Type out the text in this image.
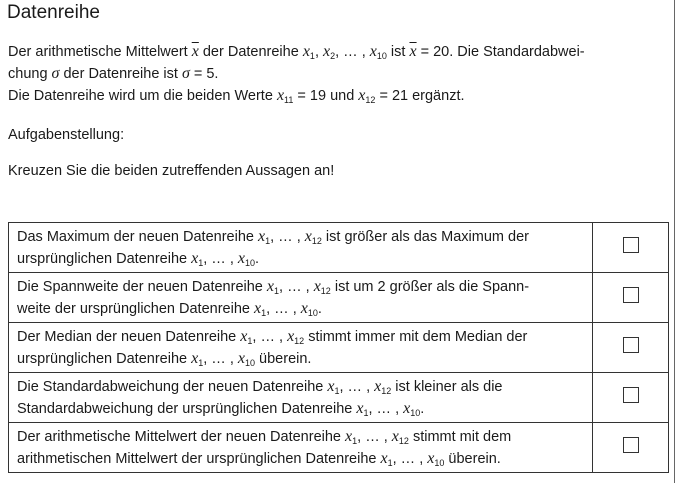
Datenreihe
Der arithmetische Mittelwert $\overline{x}$ der Datenreihe $x_1$, $x_2$, … , $x_{10}$ ist $\overline{x} = 20$. Die Standardabwei-
chung σ der Datenreihe ist σ = 5.
Die Datenreihe wird um die beiden Werte $x_{11} = 19$ und $x_{12} = 21$ ergänzt.
Aufgabenstellung:
Kreuzen Sie die beiden zutreffenden Aussagen an!
Das Maximum der neuen Datenreihe $x_1$, … , $x_{12}$ ist größer als das Maximum der
ursprünglichen Datenreihe $x_1$, … , $x_{10}$.	

Die Spannweite der neuen Datenreihe $x_1$, … , $x_{12}$ ist um 2 größer als die Spann-
weite der ursprünglichen Datenreihe $x_1$, … , $x_{10}$.	

Der Median der neuen Datenreihe $x_1$, … , $x_{12}$ stimmt immer mit dem Median der
ursprünglichen Datenreihe $x_1$, … , $x_{10}$ überein.	

Die Standardabweichung der neuen Datenreihe $x_1$, … , $x_{12}$ ist kleiner als die
Standardabweichung der ursprünglichen Datenreihe $x_1$, … , $x_{10}$.	

Der arithmetische Mittelwert der neuen Datenreihe $x_1$, … , $x_{12}$ stimmt mit dem
arithmetischen Mittelwert der ursprünglichen Datenreihe $x_1$, … , $x_{10}$ überein.	
